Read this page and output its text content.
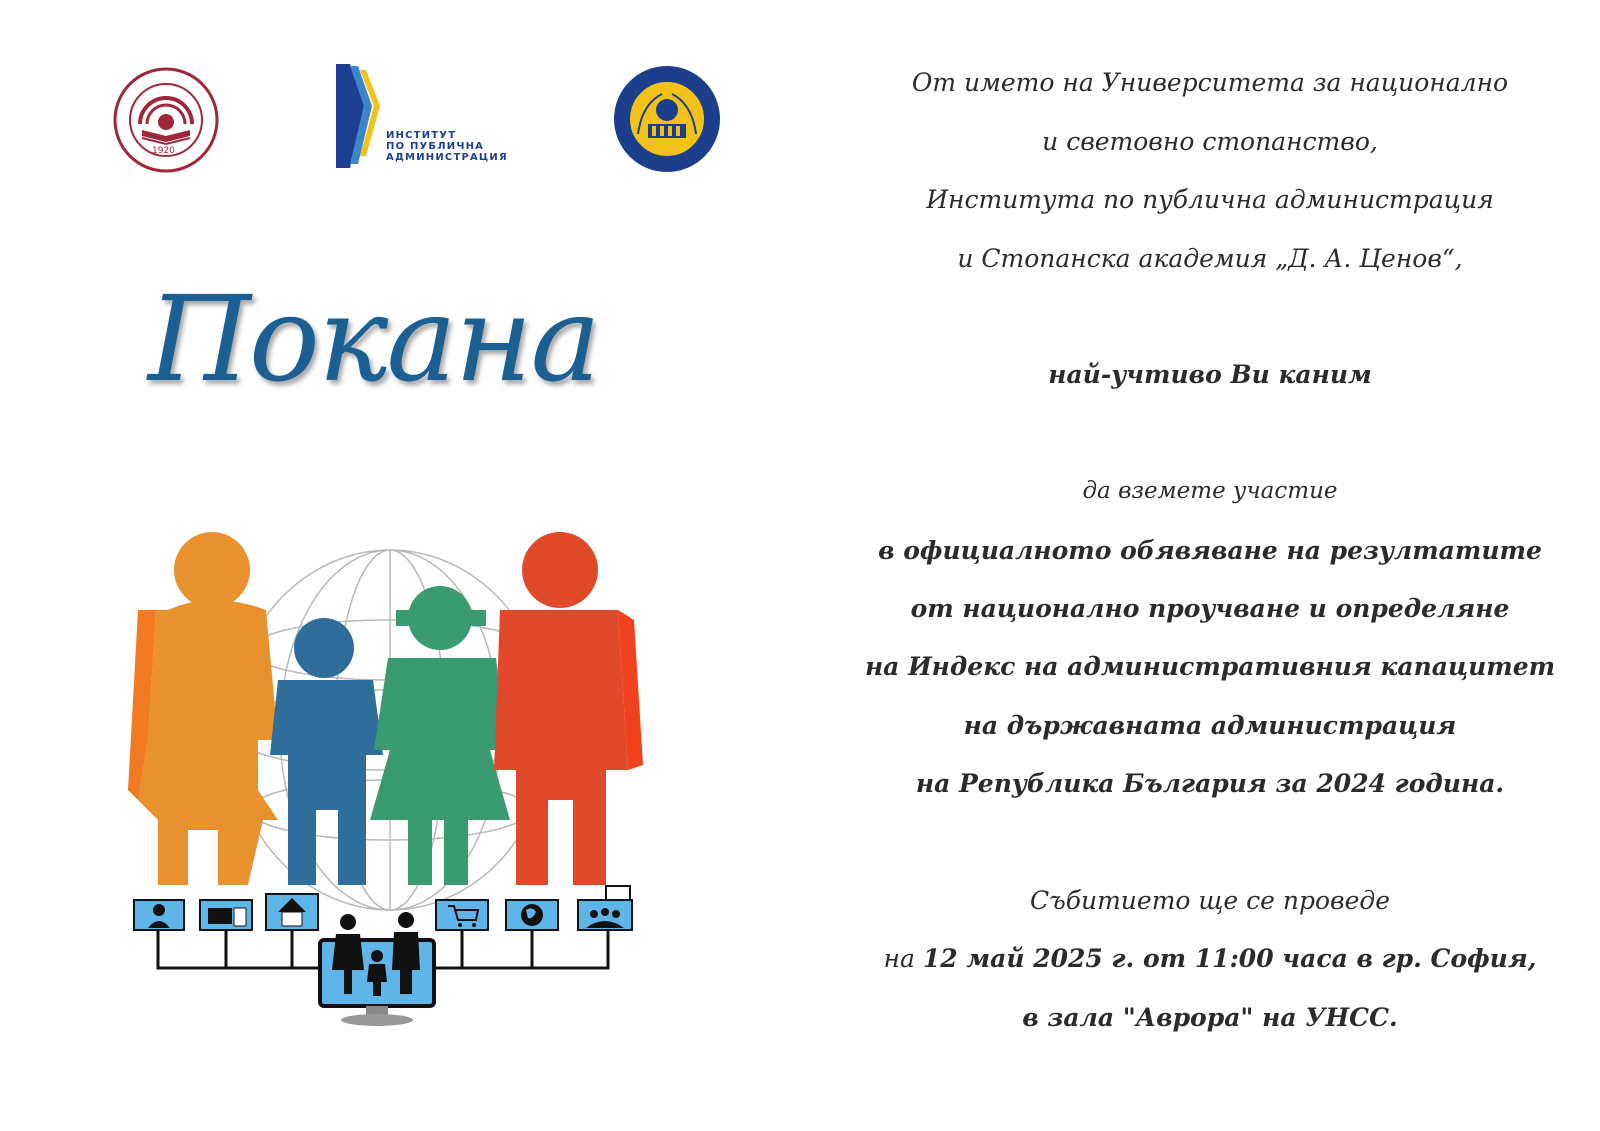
1920
ИНСТИТУТ
ПО ПУБЛИЧНА
АДМИНИСТРАЦИЯ
Покана
От името на Университета за национално
и световно стопанство,
Института по публична администрация
и Стопанска академия „Д. А. Ценов“,
най-учтиво Ви каним
да вземете участие
в официалното обявяване на резултатите
от национално проучване и определяне
на Индекс на административния капацитет
на държавната администрация
на Република България за 2024 година.
Събитието ще се проведе
на 12 май 2025 г. от 11:00 часа в гр. София,
в зала "Аврора" на УНСС.
